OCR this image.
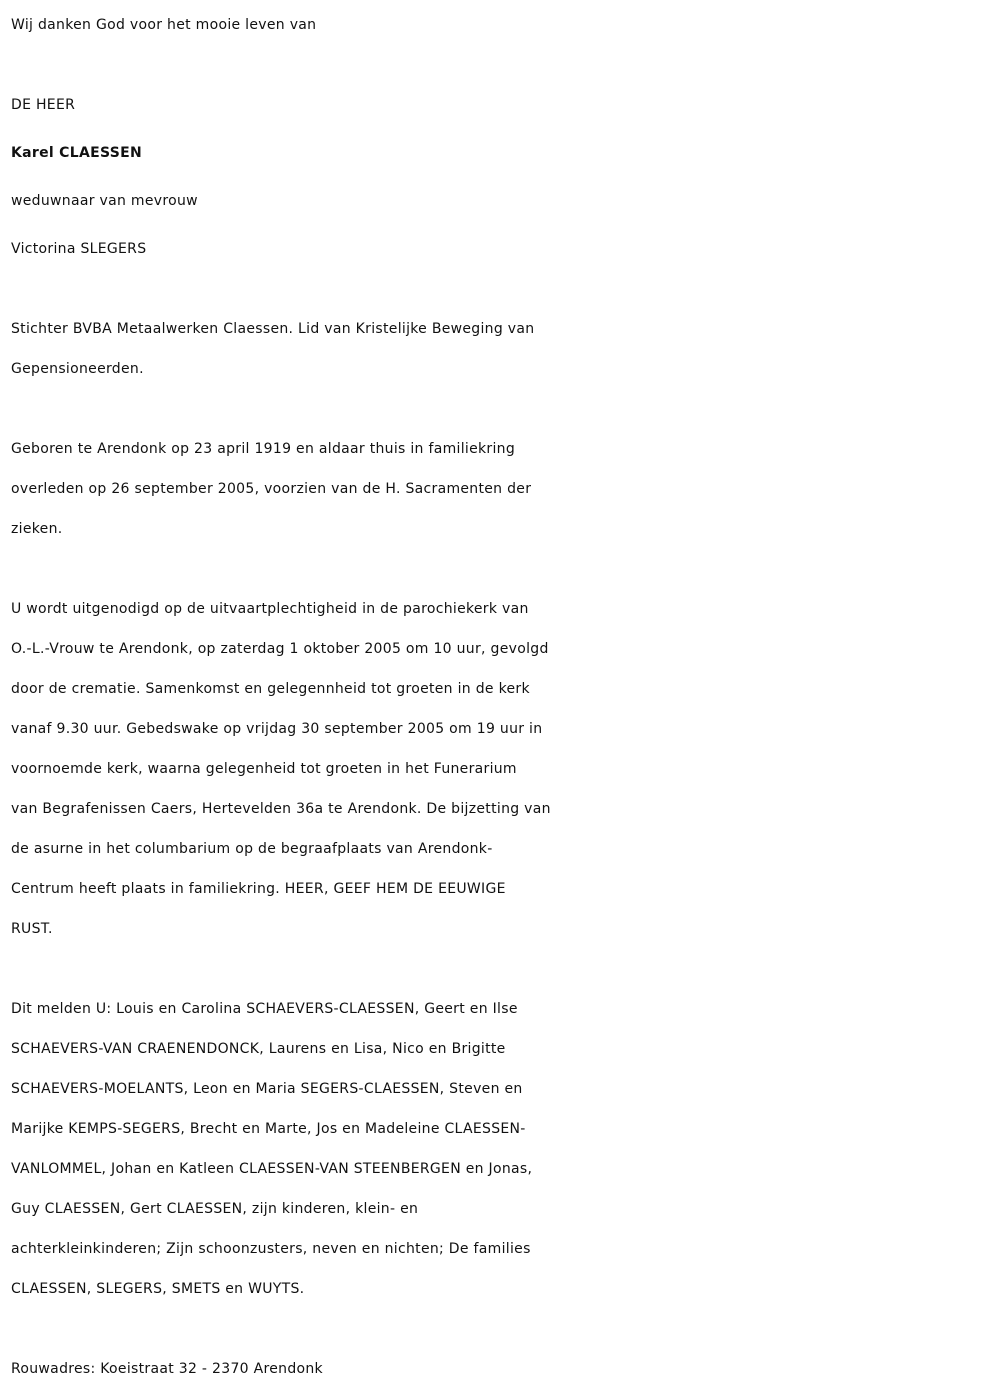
Wij danken God voor het mooie leven van
DE HEER
Karel CLAESSEN
weduwnaar van mevrouw
Victorina SLEGERS
Stichter BVBA Metaalwerken Claessen. Lid van Kristelijke Beweging van
Gepensioneerden.
Geboren te Arendonk op 23 april 1919 en aldaar thuis in familiekring
overleden op 26 september 2005, voorzien van de H. Sacramenten der
zieken.
U wordt uitgenodigd op de uitvaartplechtigheid in de parochiekerk van
O.-L.-Vrouw te Arendonk, op zaterdag 1 oktober 2005 om 10 uur, gevolgd
door de crematie. Samenkomst en gelegennheid tot groeten in de kerk
vanaf 9.30 uur. Gebedswake op vrijdag 30 september 2005 om 19 uur in
voornoemde kerk, waarna gelegenheid tot groeten in het Funerarium
van Begrafenissen Caers, Hertevelden 36a te Arendonk. De bijzetting van
de asurne in het columbarium op de begraafplaats van Arendonk-
Centrum heeft plaats in familiekring. HEER, GEEF HEM DE EEUWIGE
RUST.
Dit melden U: Louis en Carolina SCHAEVERS-CLAESSEN, Geert en Ilse
SCHAEVERS-VAN CRAENENDONCK, Laurens en Lisa, Nico en Brigitte
SCHAEVERS-MOELANTS, Leon en Maria SEGERS-CLAESSEN, Steven en
Marijke KEMPS-SEGERS, Brecht en Marte, Jos en Madeleine CLAESSEN-
VANLOMMEL, Johan en Katleen CLAESSEN-VAN STEENBERGEN en Jonas,
Guy CLAESSEN, Gert CLAESSEN, zijn kinderen, klein- en
achterkleinkinderen; Zijn schoonzusters, neven en nichten; De families
CLAESSEN, SLEGERS, SMETS en WUYTS.
Rouwadres: Koeistraat 32 - 2370 Arendonk
